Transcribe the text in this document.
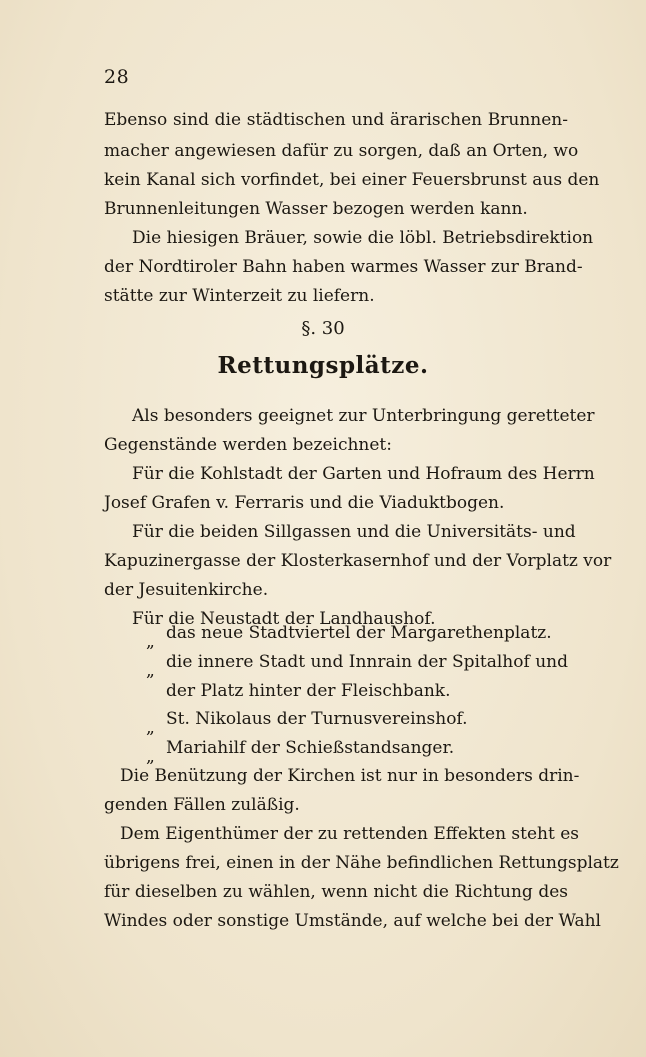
28
Ebenso sind die städtischen und ärarischen Brunnen-
macher angewiesen dafür zu sorgen, daß an Orten, wo
kein Kanal sich vorfindet, bei einer Feuersbrunst aus den
Brunnenleitungen Wasser bezogen werden kann.
Die hiesigen Bräuer, sowie die löbl. Betriebsdirektion
der Nordtiroler Bahn haben warmes Wasser zur Brand-
stätte zur Winterzeit zu liefern.
§. 30
Rettungsplätze.
Als besonders geeignet zur Unterbringung geretteter
Gegenstände werden bezeichnet:
Für die Kohlstadt der Garten und Hofraum des Herrn
Josef Grafen v. Ferraris und die Viaduktbogen.
Für die beiden Sillgassen und die Universitäts- und
Kapuzinergasse der Klosterkasernhof und der Vorplatz vor
der Jesuitenkirche.
Für die Neustadt der Landhaushof.
„ das neue Stadtviertel der Margarethenplatz.
„ die innere Stadt und Innrain der Spitalhof und
der Platz hinter der Fleischbank.
„ St. Nikolaus der Turnusvereinshof.
„ Mariahilf der Schießstandsanger.
Die Benützung der Kirchen ist nur in besonders drin-
genden Fällen zuläßig.
Dem Eigenthümer der zu rettenden Effekten steht es
übrigens frei, einen in der Nähe befindlichen Rettungsplatz
für dieselben zu wählen, wenn nicht die Richtung des
Windes oder sonstige Umstände, auf welche bei der Wahl
